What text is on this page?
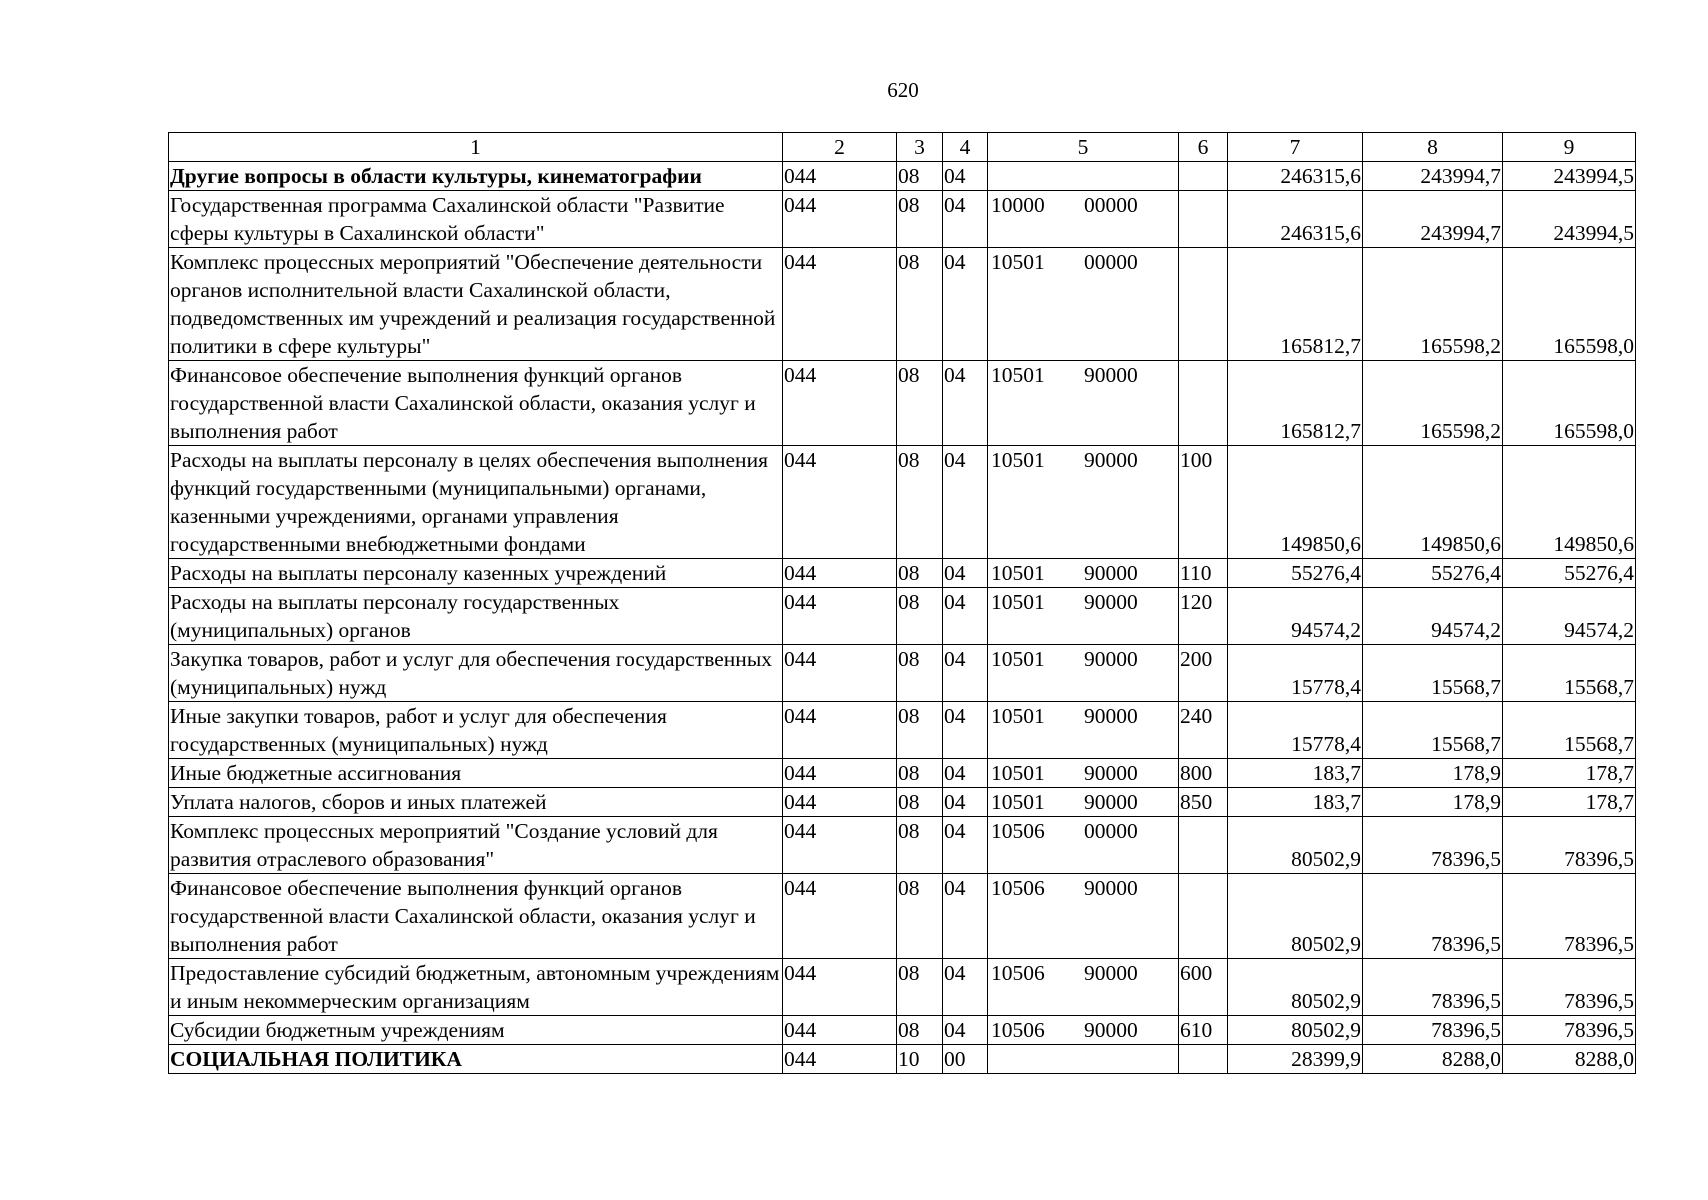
620
1	2	3	4	5	6	7	8	9
Другие вопросы в области культуры, кинематографии	044	08	04			246315,6	243994,7	243994,5
Государственная программа Сахалинской области "Развитие сферы культуры в Сахалинской области"	044	08	04	10000 00000		246315,6	243994,7	243994,5
Комплекс процессных мероприятий "Обеспечение деятельности органов исполнительной власти Сахалинской области, подведомственных им учреждений и реализация государственной политики в сфере культуры"	044	08	04	10501 00000		165812,7	165598,2	165598,0
Финансовое обеспечение выполнения функций органов государственной власти Сахалинской области, оказания услуг и выполнения работ	044	08	04	10501 90000		165812,7	165598,2	165598,0
Расходы на выплаты персоналу в целях обеспечения выполнения функций государственными (муниципальными) органами, казенными учреждениями, органами управления государственными внебюджетными фондами	044	08	04	10501 90000	100	149850,6	149850,6	149850,6
Расходы на выплаты персоналу казенных учреждений	044	08	04	10501 90000	110	55276,4	55276,4	55276,4
Расходы на выплаты персоналу государственных (муниципальных) органов	044	08	04	10501 90000	120	94574,2	94574,2	94574,2
Закупка товаров, работ и услуг для обеспечения государственных (муниципальных) нужд	044	08	04	10501 90000	200	15778,4	15568,7	15568,7
Иные закупки товаров, работ и услуг для обеспечения государственных (муниципальных) нужд	044	08	04	10501 90000	240	15778,4	15568,7	15568,7
Иные бюджетные ассигнования	044	08	04	10501 90000	800	183,7	178,9	178,7
Уплата налогов, сборов и иных платежей	044	08	04	10501 90000	850	183,7	178,9	178,7
Комплекс процессных мероприятий "Создание условий для развития отраслевого образования"	044	08	04	10506 00000		80502,9	78396,5	78396,5
Финансовое обеспечение выполнения функций органов государственной власти Сахалинской области, оказания услуг и выполнения работ	044	08	04	10506 90000		80502,9	78396,5	78396,5
Предоставление субсидий бюджетным, автономным учреждениям и иным некоммерческим организациям	044	08	04	10506 90000	600	80502,9	78396,5	78396,5
Субсидии бюджетным учреждениям	044	08	04	10506 90000	610	80502,9	78396,5	78396,5
СОЦИАЛЬНАЯ ПОЛИТИКА	044	10	00			28399,9	8288,0	8288,0
